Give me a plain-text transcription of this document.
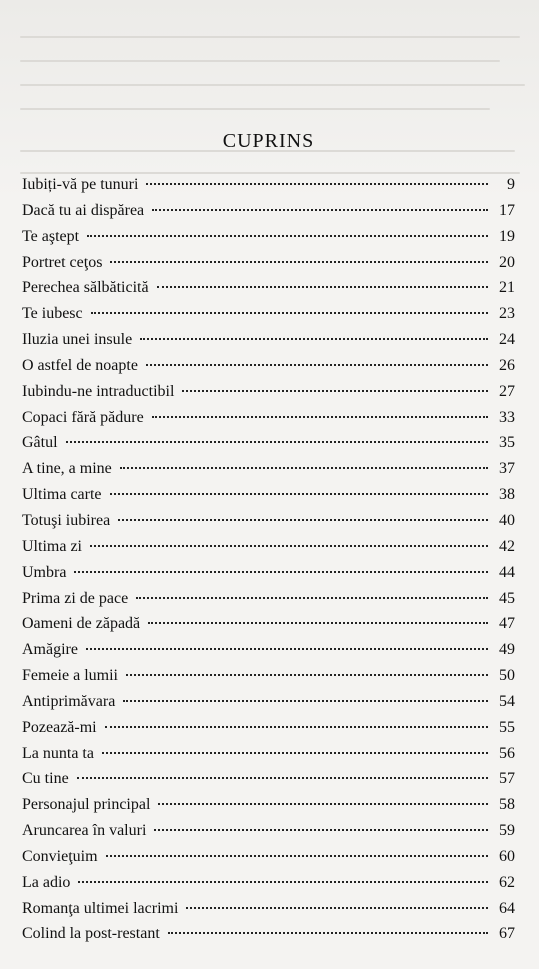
CUPRINS
Iubiți-vă pe tunuri	9
Dacă tu ai dispărea	17
Te aştept	19
Portret ceţos	20
Perechea sălbăticită	21
Te iubesc	23
Iluzia unei insule	24
O astfel de noapte	26
Iubindu-ne intraductibil	27
Copaci fără pădure	33
Gâtul	35
A tine, a mine	37
Ultima carte	38
Totuşi iubirea	40
Ultima zi	42
Umbra	44
Prima zi de pace	45
Oameni de zăpadă	47
Amăgire	49
Femeie a lumii	50
Antiprimăvara	54
Pozează-mi	55
La nunta ta	56
Cu tine	57
Personajul principal	58
Aruncarea în valuri	59
Convieţuim	60
La adio	62
Romanţa ultimei lacrimi	64
Colind la post-restant	67
